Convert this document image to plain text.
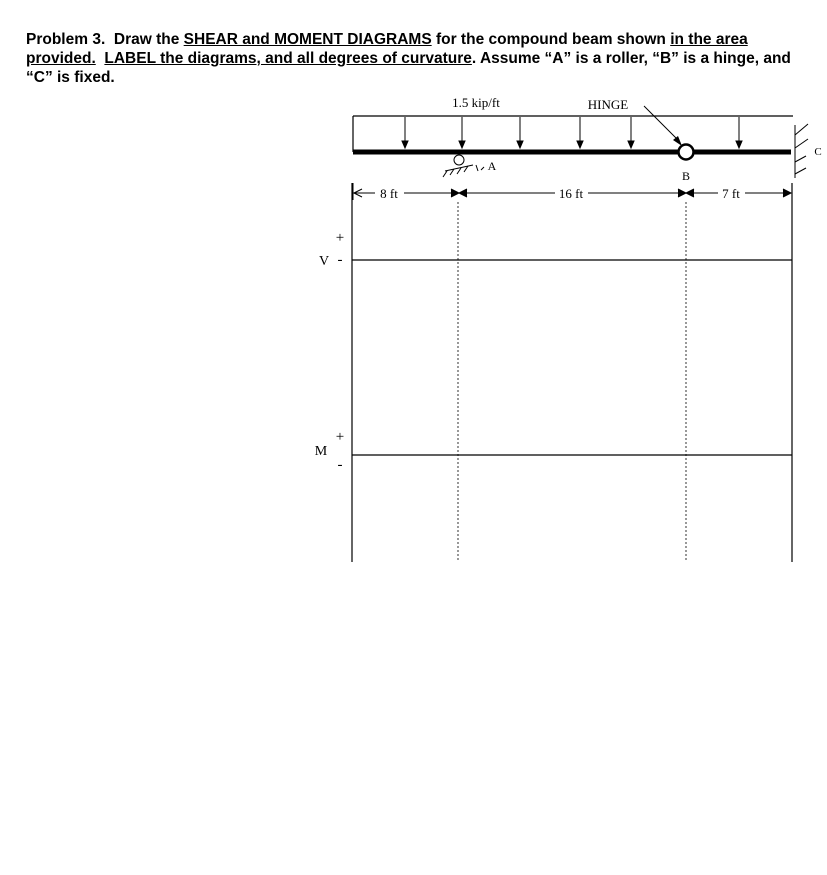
Problem 3. Draw the SHEAR and MOMENT DIAGRAMS for the compound beam shown in the area provided. LABEL the diagrams, and all degrees of curvature. Assume “A” is a roller, “B” is a hinge, and “C” is fixed.
1.5 kip/ft	HINGE
B
A
C
8 ft	16 ft	7 ft
V
+
-
M
+
-
